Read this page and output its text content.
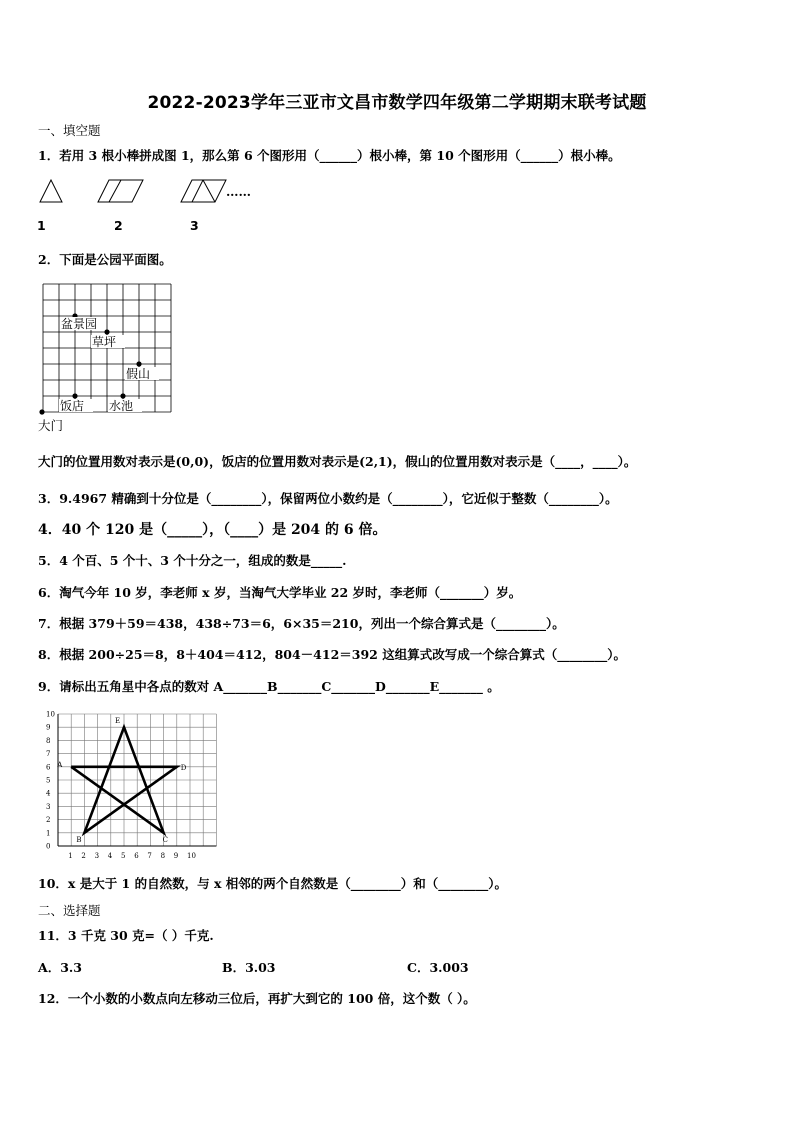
2022-2023学年三亚市文昌市数学四年级第二学期期末联考试题
一、填空题
1．若用 3 根小棒拼成图 1，那么第 6 个图形用（______）根小棒，第 10 个图形用（______）根小棒。
……
1	2	3
2．下面是公园平面图。
盆景园
草坪
假山
饭店 水池
大门
大门的位置用数对表示是(0,0)，饭店的位置用数对表示是(2,1)，假山的位置用数对表示是（____，____）。
3．9.4967 精确到十分位是（________），保留两位小数约是（________），它近似于整数（________）。
4．40 个 120 是（_____），（____）是 204 的 6 倍。
5．4 个百、5 个十、3 个十分之一，组成的数是_____.
6．淘气今年 10 岁，李老师 x 岁，当淘气大学毕业 22 岁时，李老师（_______）岁。
7．根据 379＋59＝438，438÷73＝6，6×35＝210，列出一个综合算式是（________）。
8．根据 200÷25＝8，8＋404＝412，804－412＝392 这组算式改写成一个综合算式（________）。
9．请标出五角星中各点的数对 A_______B_______C_______D_______E_______ 。
0
1
2
3
4
5
6
7
8
9
10
1 2 3 4 5 6 7 8 9 10
A
B	C
D
E
10．x 是大于 1 的自然数，与 x 相邻的两个自然数是（________）和（________）。
二、选择题
11．3 千克 30 克=（ ）千克.
A．3.3	B．3.03	C．3.003
12．一个小数的小数点向左移动三位后，再扩大到它的 100 倍，这个数（ ）。
